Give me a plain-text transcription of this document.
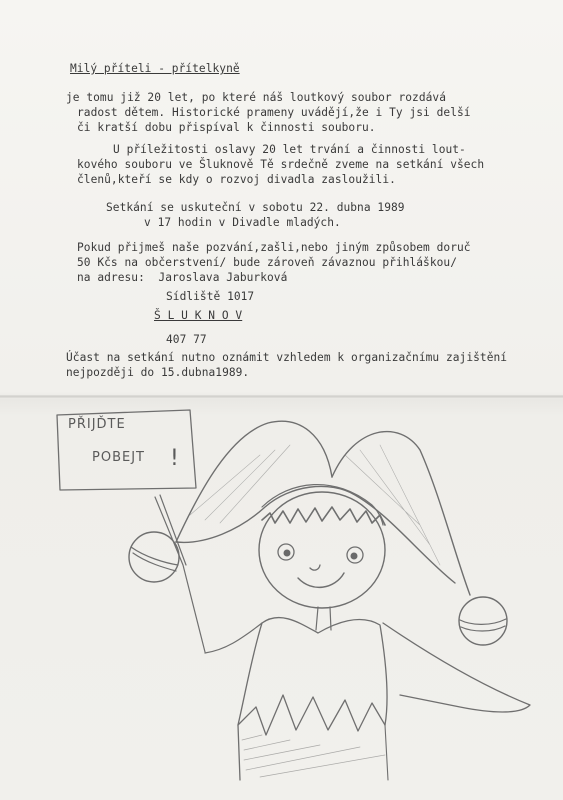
Milý příteli - přítelkyně
je tomu již 20 let, po které náš loutkový soubor rozdává
radost dětem. Historické prameny uvádějí,že i Ty jsi delší
či kratší dobu přispíval k činnosti souboru.
U příležitosti oslavy 20 let trvání a činnosti lout-
kového souboru ve Šluknově Tě srdečně zveme na setkání všech
členů,kteří se kdy o rozvoj divadla zasloužili.
Setkání se uskuteční v sobotu 22. dubna 1989
v 17 hodin v Divadle mladých.
Pokud přijmeš naše pozvání,zašli,nebo jiným způsobem doruč
50 Kčs na občerstvení/ bude zároveň závaznou přihláškou/
na adresu:  Jaroslava Jaburková
Sídliště 1017
Š L U K N O V
407 77
Účast na setkání nutno oznámit vzhledem k organizačnímu zajištění
nejpozději do 15.dubna1989.
PŘIJĎTE
POBEJT !
